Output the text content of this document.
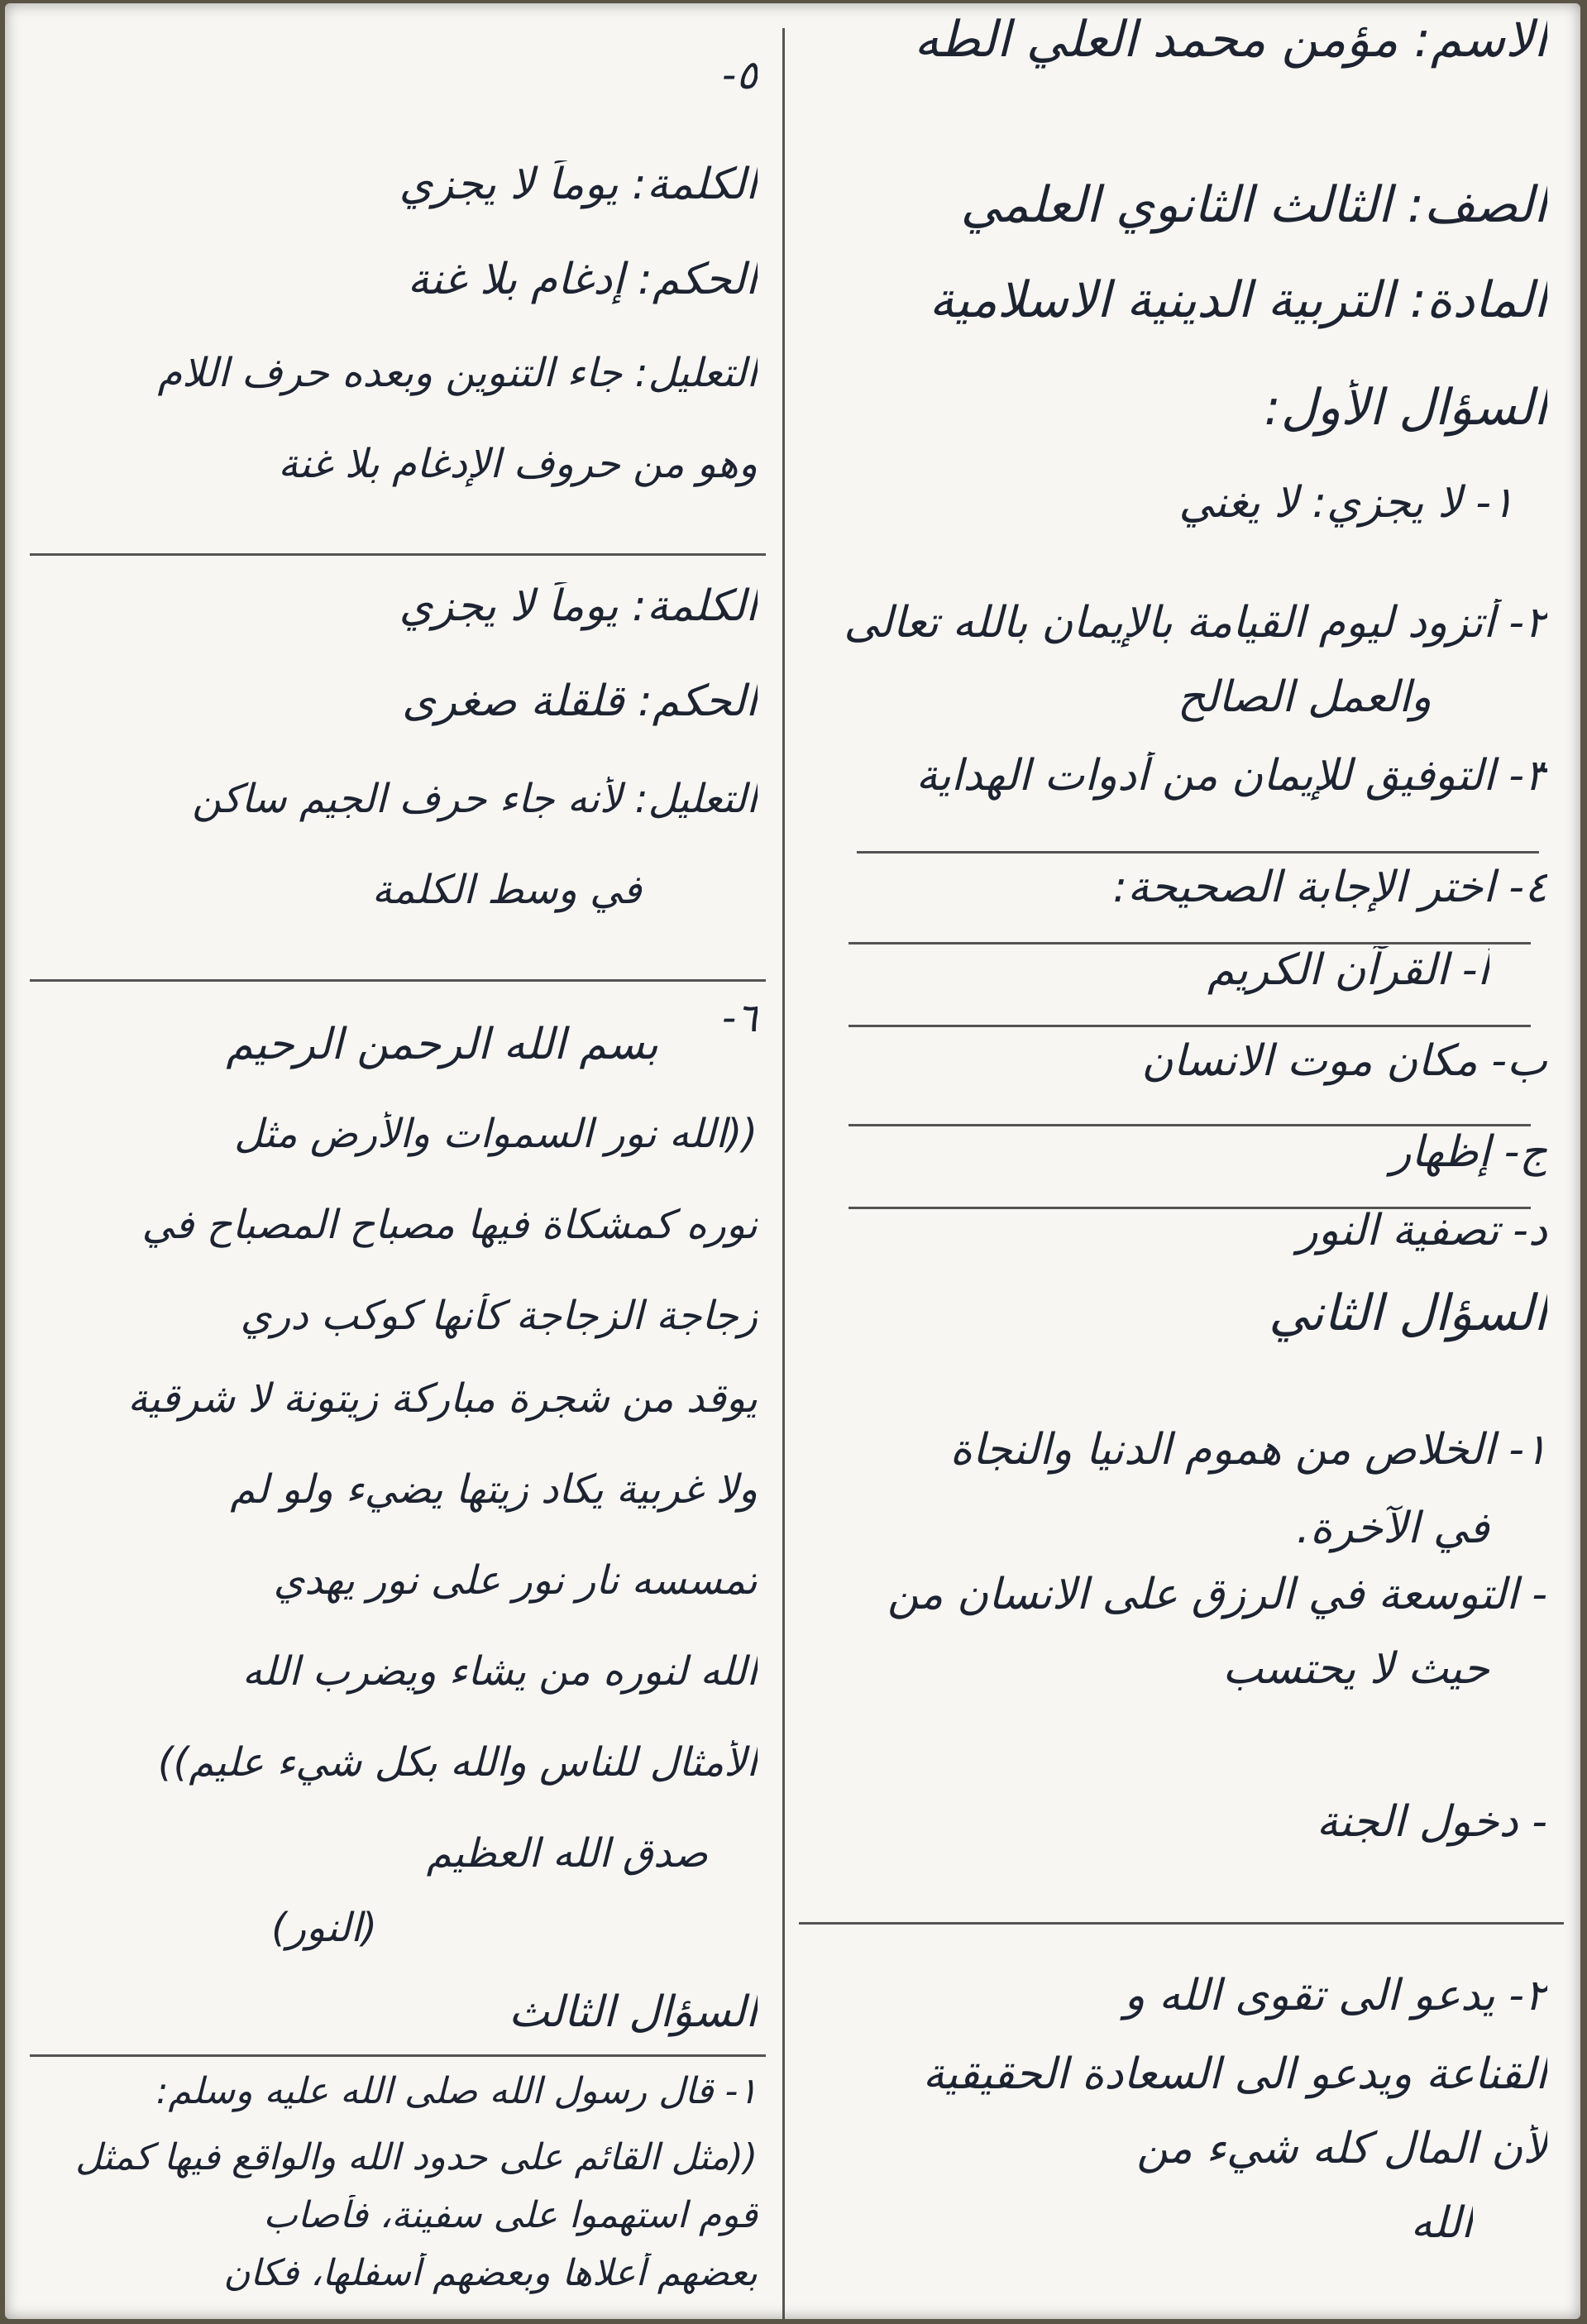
الاسم: مؤمن محمد العلي الطه
الصف: الثالث الثانوي العلمي
المادة: التربية الدينية الاسلامية
السؤال الأول:
١- لا يجزي: لا يغني
٢- أتزود ليوم القيامة بالإيمان بالله تعالى
والعمل الصالح
٣- التوفيق للإيمان من أدوات الهداية
٤- اختر الإجابة الصحيحة:
أ- القرآن الكريم
ب- مكان موت الانسان
ج- إظهار
د- تصفية النور
السؤال الثاني
١- الخلاص من هموم الدنيا والنجاة
في الآخرة.
- التوسعة في الرزق على الانسان من
حيث لا يحتسب
- دخول الجنة
٢- يدعو الى تقوى الله و
القناعة ويدعو الى السعادة الحقيقية
لأن المال كله شيء من
الله
٥-
الكلمة: يوماً لا يجزي
الحكم: إدغام بلا غنة
التعليل: جاء التنوين وبعده حرف اللام
وهو من حروف الإدغام بلا غنة
الكلمة: يوماً لا يجزي
الحكم: قلقلة صغرى
التعليل: لأنه جاء حرف الجيم ساكن
في وسط الكلمة
٦-
بسم الله الرحمن الرحيم
((الله نور السموات والأرض مثل
نوره كمشكاة فيها مصباح المصباح في
زجاجة الزجاجة كأنها كوكب دري
يوقد من شجرة مباركة زيتونة لا شرقية
ولا غربية يكاد زيتها يضيء ولو لم
تمسسه نار نور على نور يهدي
الله لنوره من يشاء ويضرب الله
الأمثال للناس والله بكل شيء عليم))
صدق الله العظيم
(النور)
السؤال الثالث
١- قال رسول الله صلى الله عليه وسلم:
((مثل القائم على حدود الله والواقع فيها كمثل
قوم استهموا على سفينة، فأصاب
بعضهم أعلاها وبعضهم أسفلها، فكان
